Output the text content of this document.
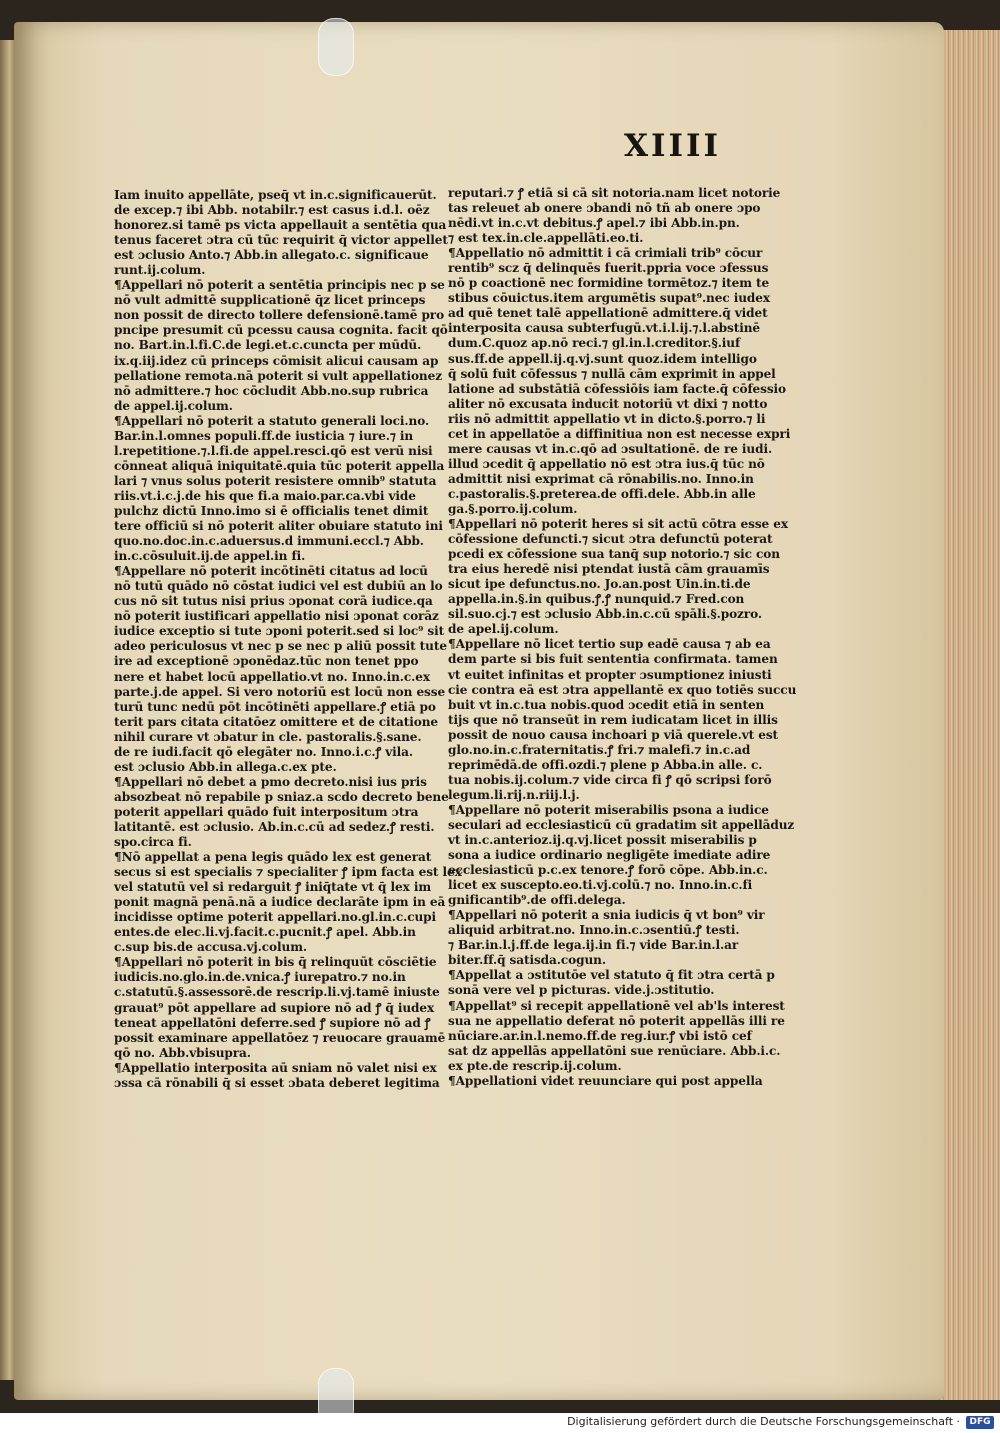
XIIII
Iam inuito appellāte, pseq̄ vt in.c.significauerūt.
de excep.⁊ ibi Abb. notabilr.⁊ est casus i.d.l. oēz
honorez.si tamē ps victa appellauit a sentētia qua
tenus faceret ɔtra cū tūc requirit q̄ victor appellet
est ɔclusio Anto.⁊ Abb.in allegato.c. significaue
runt.ij.colum.
¶Appellari nō poterit a sentētia principis nec p se
nō vult admittē supplicationē q̄z licet princeps
non possit de directo tollere defensionē.tamē pro
pncipe presumit cū pcessu causa cognita. facit qō
no. Bart.in.l.fi.C.de legi.et.c.cuncta per mūdū.
ix.q.iij.idez cū princeps cōmisit alicui causam ap
pellatione remota.nā poterit si vult appellationez
nō admittere.⁊ hoc cōcludit Abb.no.sup rubrica
de appel.ij.colum.
¶Appellari nō poterit a statuto generali loci.no.
Bar.in.l.omnes populi.ff.de iusticia ⁊ iure.⁊ in
l.repetitione.⁊.l.fi.de appel.resci.qō est verū nisi
cōnneat aliquā iniquitatē.quia tūc poterit appella
lari ⁊ vnus solus poterit resistere omnib⁹ statuta
riis.vt.i.c.j.de his que fi.a maio.par.ca.vbi vide
pulchz dictū Inno.imo si ē officialis tenet dimit
tere officiū si nō poterit aliter obuiare statuto ini
quo.no.doc.in.c.aduersus.d immuni.eccl.⁊ Abb.
in.c.cōsuluit.ij.de appel.in fi.
¶Appellare nō poterit incōtinēti citatus ad locū
nō tutū quādo nō cōstat iudici vel est dubiū an lo
cus nō sit tutus nisi prius ɔponat corā iudice.qa
nō poterit iustificari appellatio nisi ɔponat corāz
iudice exceptio si tute ɔponi poterit.sed si loc⁹ sit
adeo periculosus vt nec p se nec p aliū possit tute
ire ad exceptionē ɔponēdaz.tūc non tenet ppo
nere et habet locū appellatio.vt no. Inno.in.c.ex
parte.j.de appel. Si vero notoriū est locū non esse
turū tunc nedū pōt incōtinēti appellare.ꝭ etiā po
terit pars citata citatōez omittere et de citatione
nihil curare vt ɔbatur in cle. pastoralis.§.sane.
de re iudi.facit qō elegāter no. Inno.i.c.ꝭ vila.
est ɔclusio Abb.in allega.c.ex pte.
¶Appellari nō debet a pmo decreto.nisi ius pris
absozbeat nō repabile p sniaz.a scdo decreto bene
poterit appellari quādo fuit interpositum ɔtra
latitantē. est ɔclusio. Ab.in.c.cū ad sedez.ꝭ resti.
spo.circa fi.
¶Nō appellat a pena legis quādo lex est generat
secus si est specialis ⁊ specialiter ꝭ ipm facta est lex
vel statutū vel si redarguit ꝭ iniq̄tate vt q̄ lex im
ponit magnā penā.nā a iudice declarāte ipm in eā
incidisse optime poterit appellari.no.gl.in.c.cupi
entes.de elec.li.vj.facit.c.pucnit.ꝭ apel. Abb.in
c.sup bis.de accusa.vj.colum.
¶Appellari nō poterit in bis q̄ relinquūt cōsciētie
iudicis.no.glo.in.de.vnica.ꝭ iurepatro.⁊ no.in
c.statutū.§.assessorē.de rescrip.li.vj.tamē iniuste
grauat⁹ pōt appellare ad supiore nō ad ꝭ q̄ iudex
teneat appellatōni deferre.sed ꝭ supiore nō ad ꝭ
possit examinare appellatōez ⁊ reuocare grauamē
qō no. Abb.vbisupra.
¶Appellatio interposita aū sniam nō valet nisi ex
ɔssa cā rōnabili q̄ si esset ɔbata deberet legitima
reputari.⁊ ꝭ etiā si cā sit notoria.nam licet notorie
tas releuet ab onere ɔbandi nō tñ ab onere ɔpo
nēdi.vt in.c.vt debitus.ꝭ apel.⁊ ibi Abb.in.pn.
⁊ est tex.in.cle.appellāti.eo.ti.
¶Appellatio nō admittit i cā crimiali trib⁹ cōcur
rentib⁹ scz q̄ delinquēs fuerit.ppria voce ɔfessus
nō p coactionē nec formidine tormētoz.⁊ item te
stibus cōuictus.item argumētis supat⁹.nec iudex
ad quē tenet talē appellationē admittere.q̄ videt
interposita causa subterfugū.vt.i.l.ij.⁊.l.abstinē
dum.C.quoz ap.nō reci.⁊ gl.in.l.creditor.§.iuf
sus.ff.de appell.ij.q.vj.sunt quoz.idem intelligo
q̄ solū fuit cōfessus ⁊ nullā cām exprimit in appel
latione ad substātiā cōfessiōis iam facte.q̄ cōfessio
aliter nō excusata inducit notoriū vt dixi ⁊ notto
riis nō admittit appellatio vt in dicto.§.porro.⁊ li
cet in appellatōe a diffinitiua non est necesse expri
mere causas vt in.c.qō ad ɔsultationē. de re iudi.
illud ɔcedit q̄ appellatio nō est ɔtra ius.q̄ tūc nō
admittit nisi exprimat cā rōnabilis.no. Inno.in
c.pastoralis.§.preterea.de offi.dele. Abb.in alle
ga.§.porro.ij.colum.
¶Appellari nō poterit heres si sit actū cōtra esse ex
cōfessione defuncti.⁊ sicut ɔtra defunctū poterat
pcedi ex cōfessione sua tanq̄ sup notorio.⁊ sic con
tra eius heredē nisi ptendat iustā cām grauamīs
sicut ipe defunctus.no. Jo.an.post Uin.in.ti.de
appella.in.§.in quibus.ꝭ.ꝭ nunquid.⁊ Fred.con
sil.suo.cj.⁊ est ɔclusio Abb.in.c.cū spāli.§.pozro.
de apel.ij.colum.
¶Appellare nō licet tertio sup eadē causa ⁊ ab ea
dem parte si bis fuit sententia confirmata. tamen
vt euitet infinitas et propter ɔsumptionez iniusti
cie contra eā est ɔtra appellantē ex quo totiēs succu
buit vt in.c.tua nobis.quod ɔcedit etiā in senten
tijs que nō transeūt in rem iudicatam licet in illis
possit de nouo causa inchoari p viā querele.vt est
glo.no.in.c.fraternitatis.ꝭ fri.⁊ malefi.⁊ in.c.ad
reprimēdā.de offi.ozdi.⁊ plene p Abba.in alle. c.
tua nobis.ij.colum.⁊ vide circa fi ꝭ qō scripsi forō
legum.li.rij.n.riij.l.j.
¶Appellare nō poterit miserabilis psona a iudice
seculari ad ecclesiasticū cū gradatim sit appellāduz
vt in.c.anterioz.ij.q.vj.licet possit miserabilis p
sona a iudice ordinario negligēte imediate adire
ecclesiasticū p.c.ex tenore.ꝭ forō cōpe. Abb.in.c.
licet ex suscepto.eo.ti.vj.colū.⁊ no. Inno.in.c.fi
gnificantib⁹.de offi.delega.
¶Appellari nō poterit a snia iudicis q̄ vt bon⁹ vir
aliquid arbitrat.no. Inno.in.c.ɔsentiū.ꝭ testi.
⁊ Bar.in.l.j.ff.de lega.ij.in fi.⁊ vide Bar.in.l.ar
biter.ff.q̄ satisda.cogun.
¶Appellat a ɔstitutōe vel statuto q̄ fit ɔtra certā p
sonā vere vel p picturas. vide.j.ɔstitutio.
¶Appellat⁹ si recepit appellationē vel ab'ls interest
sua ne appellatio deferat nō poterit appellās illi re
nūciare.ar.in.l.nemo.ff.de reg.iur.ꝭ vbi istō cef
sat dz appellās appellatōni sue renūciare. Abb.i.c.
ex pte.de rescrip.ij.colum.
¶Appellationi videt reuunciare qui post appella
Digitalisierung gefördert durch die Deutsche Forschungsgemeinschaft ·	DFG
